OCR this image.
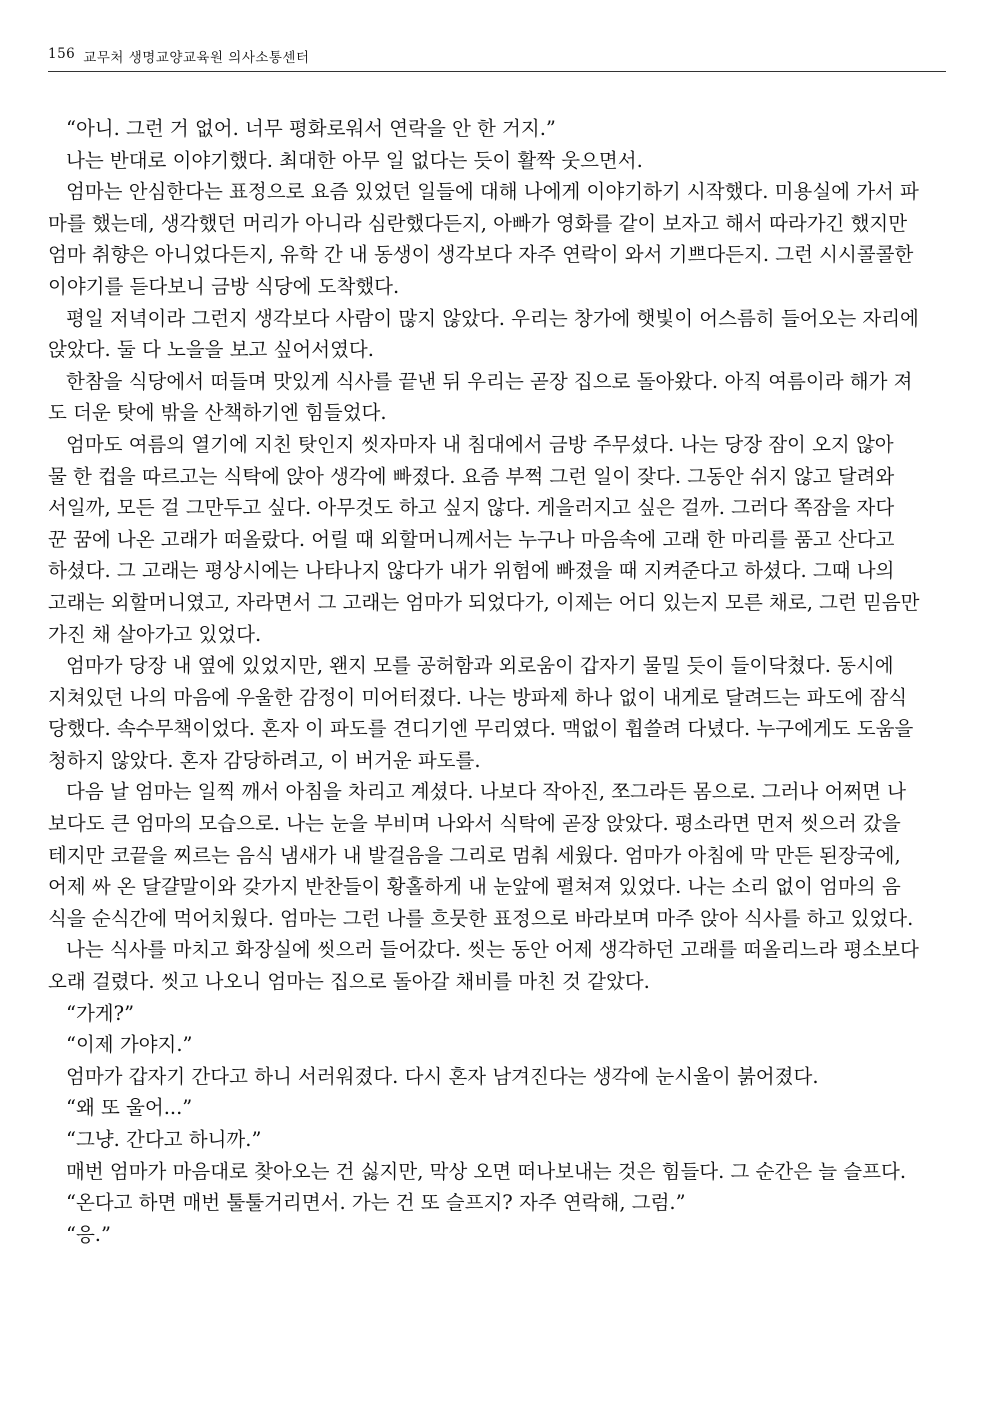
156 교무처 생명교양교육원 의사소통센터
“아니. 그런 거 없어. 너무 평화로워서 연락을 안 한 거지.”
나는 반대로 이야기했다. 최대한 아무 일 없다는 듯이 활짝 웃으면서.
엄마는 안심한다는 표정으로 요즘 있었던 일들에 대해 나에게 이야기하기 시작했다. 미용실에 가서 파
마를 했는데, 생각했던 머리가 아니라 심란했다든지, 아빠가 영화를 같이 보자고 해서 따라가긴 했지만
엄마 취향은 아니었다든지, 유학 간 내 동생이 생각보다 자주 연락이 와서 기쁘다든지. 그런 시시콜콜한
이야기를 듣다보니 금방 식당에 도착했다.
평일 저녁이라 그런지 생각보다 사람이 많지 않았다. 우리는 창가에 햇빛이 어스름히 들어오는 자리에
앉았다. 둘 다 노을을 보고 싶어서였다.
한참을 식당에서 떠들며 맛있게 식사를 끝낸 뒤 우리는 곧장 집으로 돌아왔다. 아직 여름이라 해가 져
도 더운 탓에 밖을 산책하기엔 힘들었다.
엄마도 여름의 열기에 지친 탓인지 씻자마자 내 침대에서 금방 주무셨다. 나는 당장 잠이 오지 않아
물 한 컵을 따르고는 식탁에 앉아 생각에 빠졌다. 요즘 부쩍 그런 일이 잦다. 그동안 쉬지 않고 달려와
서일까, 모든 걸 그만두고 싶다. 아무것도 하고 싶지 않다. 게을러지고 싶은 걸까. 그러다 쪽잠을 자다
꾼 꿈에 나온 고래가 떠올랐다. 어릴 때 외할머니께서는 누구나 마음속에 고래 한 마리를 품고 산다고
하셨다. 그 고래는 평상시에는 나타나지 않다가 내가 위험에 빠졌을 때 지켜준다고 하셨다. 그때 나의
고래는 외할머니였고, 자라면서 그 고래는 엄마가 되었다가, 이제는 어디 있는지 모른 채로, 그런 믿음만
가진 채 살아가고 있었다.
엄마가 당장 내 옆에 있었지만, 왠지 모를 공허함과 외로움이 갑자기 물밀 듯이 들이닥쳤다. 동시에
지쳐있던 나의 마음에 우울한 감정이 미어터졌다. 나는 방파제 하나 없이 내게로 달려드는 파도에 잠식
당했다. 속수무책이었다. 혼자 이 파도를 견디기엔 무리였다. 맥없이 휩쓸려 다녔다. 누구에게도 도움을
청하지 않았다. 혼자 감당하려고, 이 버거운 파도를.
다음 날 엄마는 일찍 깨서 아침을 차리고 계셨다. 나보다 작아진, 쪼그라든 몸으로. 그러나 어쩌면 나
보다도 큰 엄마의 모습으로. 나는 눈을 부비며 나와서 식탁에 곧장 앉았다. 평소라면 먼저 씻으러 갔을
테지만 코끝을 찌르는 음식 냄새가 내 발걸음을 그리로 멈춰 세웠다. 엄마가 아침에 막 만든 된장국에,
어제 싸 온 달걀말이와 갖가지 반찬들이 황홀하게 내 눈앞에 펼쳐져 있었다. 나는 소리 없이 엄마의 음
식을 순식간에 먹어치웠다. 엄마는 그런 나를 흐뭇한 표정으로 바라보며 마주 앉아 식사를 하고 있었다.
나는 식사를 마치고 화장실에 씻으러 들어갔다. 씻는 동안 어제 생각하던 고래를 떠올리느라 평소보다
오래 걸렸다. 씻고 나오니 엄마는 집으로 돌아갈 채비를 마친 것 같았다.
“가게?”
“이제 가야지.”
엄마가 갑자기 간다고 하니 서러워졌다. 다시 혼자 남겨진다는 생각에 눈시울이 붉어졌다.
“왜 또 울어...”
“그냥. 간다고 하니까.”
매번 엄마가 마음대로 찾아오는 건 싫지만, 막상 오면 떠나보내는 것은 힘들다. 그 순간은 늘 슬프다.
“온다고 하면 매번 툴툴거리면서. 가는 건 또 슬프지? 자주 연락해, 그럼.”
“응.”
